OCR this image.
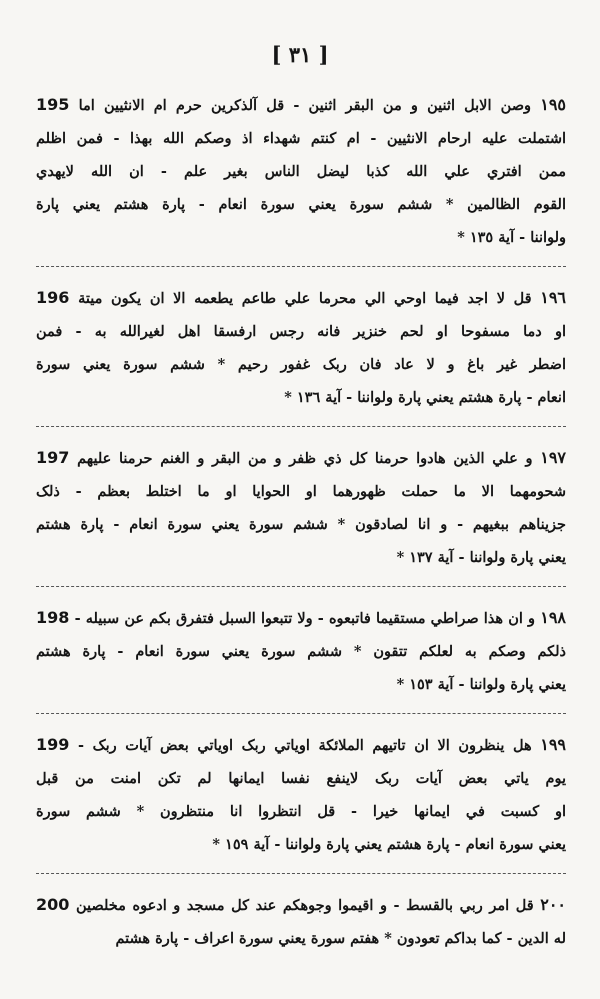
[ ٣١ ]
١٩٥ وصن الابل اثنين و من البقر اثنين - قل آلذكرين حرم ام الانثيين اما 195
اشتملت عليه ارحام الانثيين - ام كنتم شهداء اذ وصكم الله بهذا - فمن اظلم
ممن افتري علي الله كذبا ليضل الناس بغير علم - ان الله لايهدي
القوم الظالمين * ششم سورة يعني سورة انعام - پارة هشتم يعني پارة
ولواننا - آية ١٣٥ *
١٩٦ قل لا اجد فيما اوحي الي محرما علي طاعم يطعمه الا ان يكون ميتة 196
او دما مسفوحا او لحم خنزير فانه رجس ارفسقا اهل لغيرالله به - فمن
اضطر غير باغ و لا عاد فان ربک غفور رحيم * ششم سورة يعني سورة
انعام - پارة هشتم يعني پارة ولواننا - آية ١٣٦ *
١٩٧ و علي الذين هادوا حرمنا كل ذي ظفر و من البقر و الغنم حرمنا عليهم 197
شحومهما الا ما حملت ظهورهما او الحوايا او ما اختلط بعظم - ذلک
جزيناهم ببغيهم - و انا لصادقون * ششم سورة يعني سورة انعام - پارة هشتم
يعني پارة ولواننا - آية ١٣٧ *
١٩٨ و ان هذا صراطي مستقيما فاتبعوه - ولا تتبعوا السبل فتفرق بكم عن سبيله - 198
ذلكم وصكم به لعلكم تتقون * ششم سورة يعني سورة انعام - پارة هشتم
يعني پارة ولواننا - آية ١٥٣ *
١٩٩ هل ينظرون الا ان تاتيهم الملائكة اوياتي ربک اوياتي بعض آيات ربک - 199
يوم ياتي بعض آيات ربک لاينفع نفسا ايمانها لم تكن امنت من قبل
او كسبت في ايمانها خيرا - قل انتظروا انا منتظرون * ششم سورة
يعني سورة انعام - پارة هشتم يعني پارة ولواننا - آية ١٥٩ *
٢٠٠ قل امر ربي بالقسط - و اقيموا وجوهكم عند كل مسجد و ادعوه مخلصين 200
له الدين - كما بداكم تعودون * هفتم سورة يعني سورة اعراف - پارة هشتم
